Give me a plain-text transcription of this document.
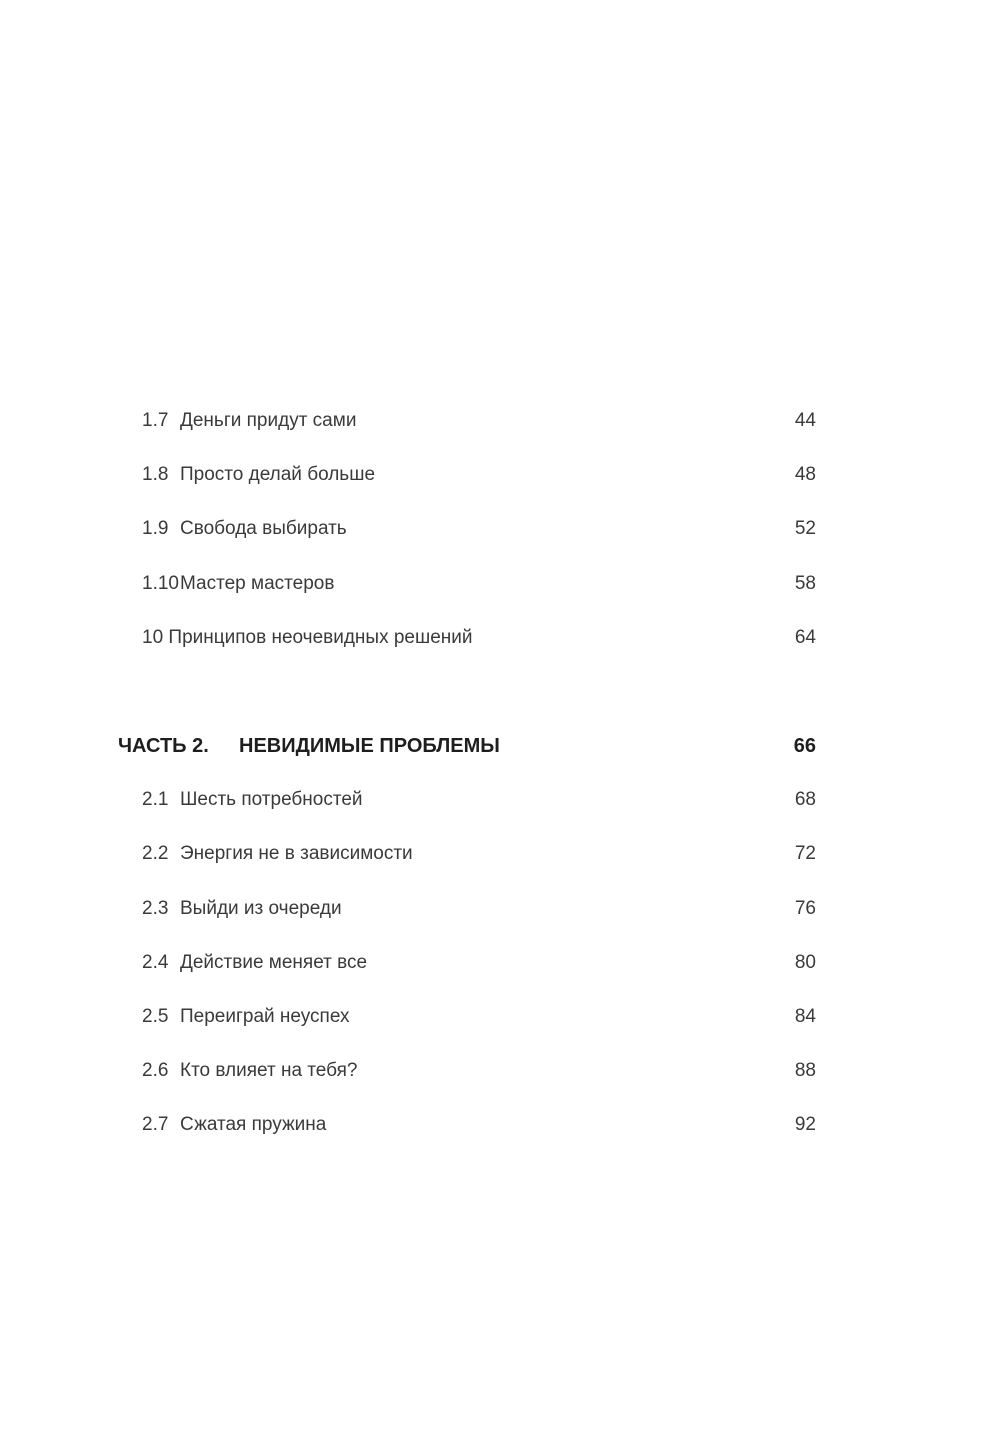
1.7 Деньги придут сами	44
1.8 Просто делай больше	48
1.9 Свобода выбирать	52
1.10 Мастер мастеров	58
10 Принципов неочевидных решений	64
ЧАСТЬ 2. НЕВИДИМЫЕ ПРОБЛЕМЫ	66
2.1 Шесть потребностей	68
2.2 Энергия не в зависимости	72
2.3 Выйди из очереди	76
2.4 Действие меняет все	80
2.5 Переиграй неуспех	84
2.6 Кто влияет на тебя?	88
2.7 Сжатая пружина	92
